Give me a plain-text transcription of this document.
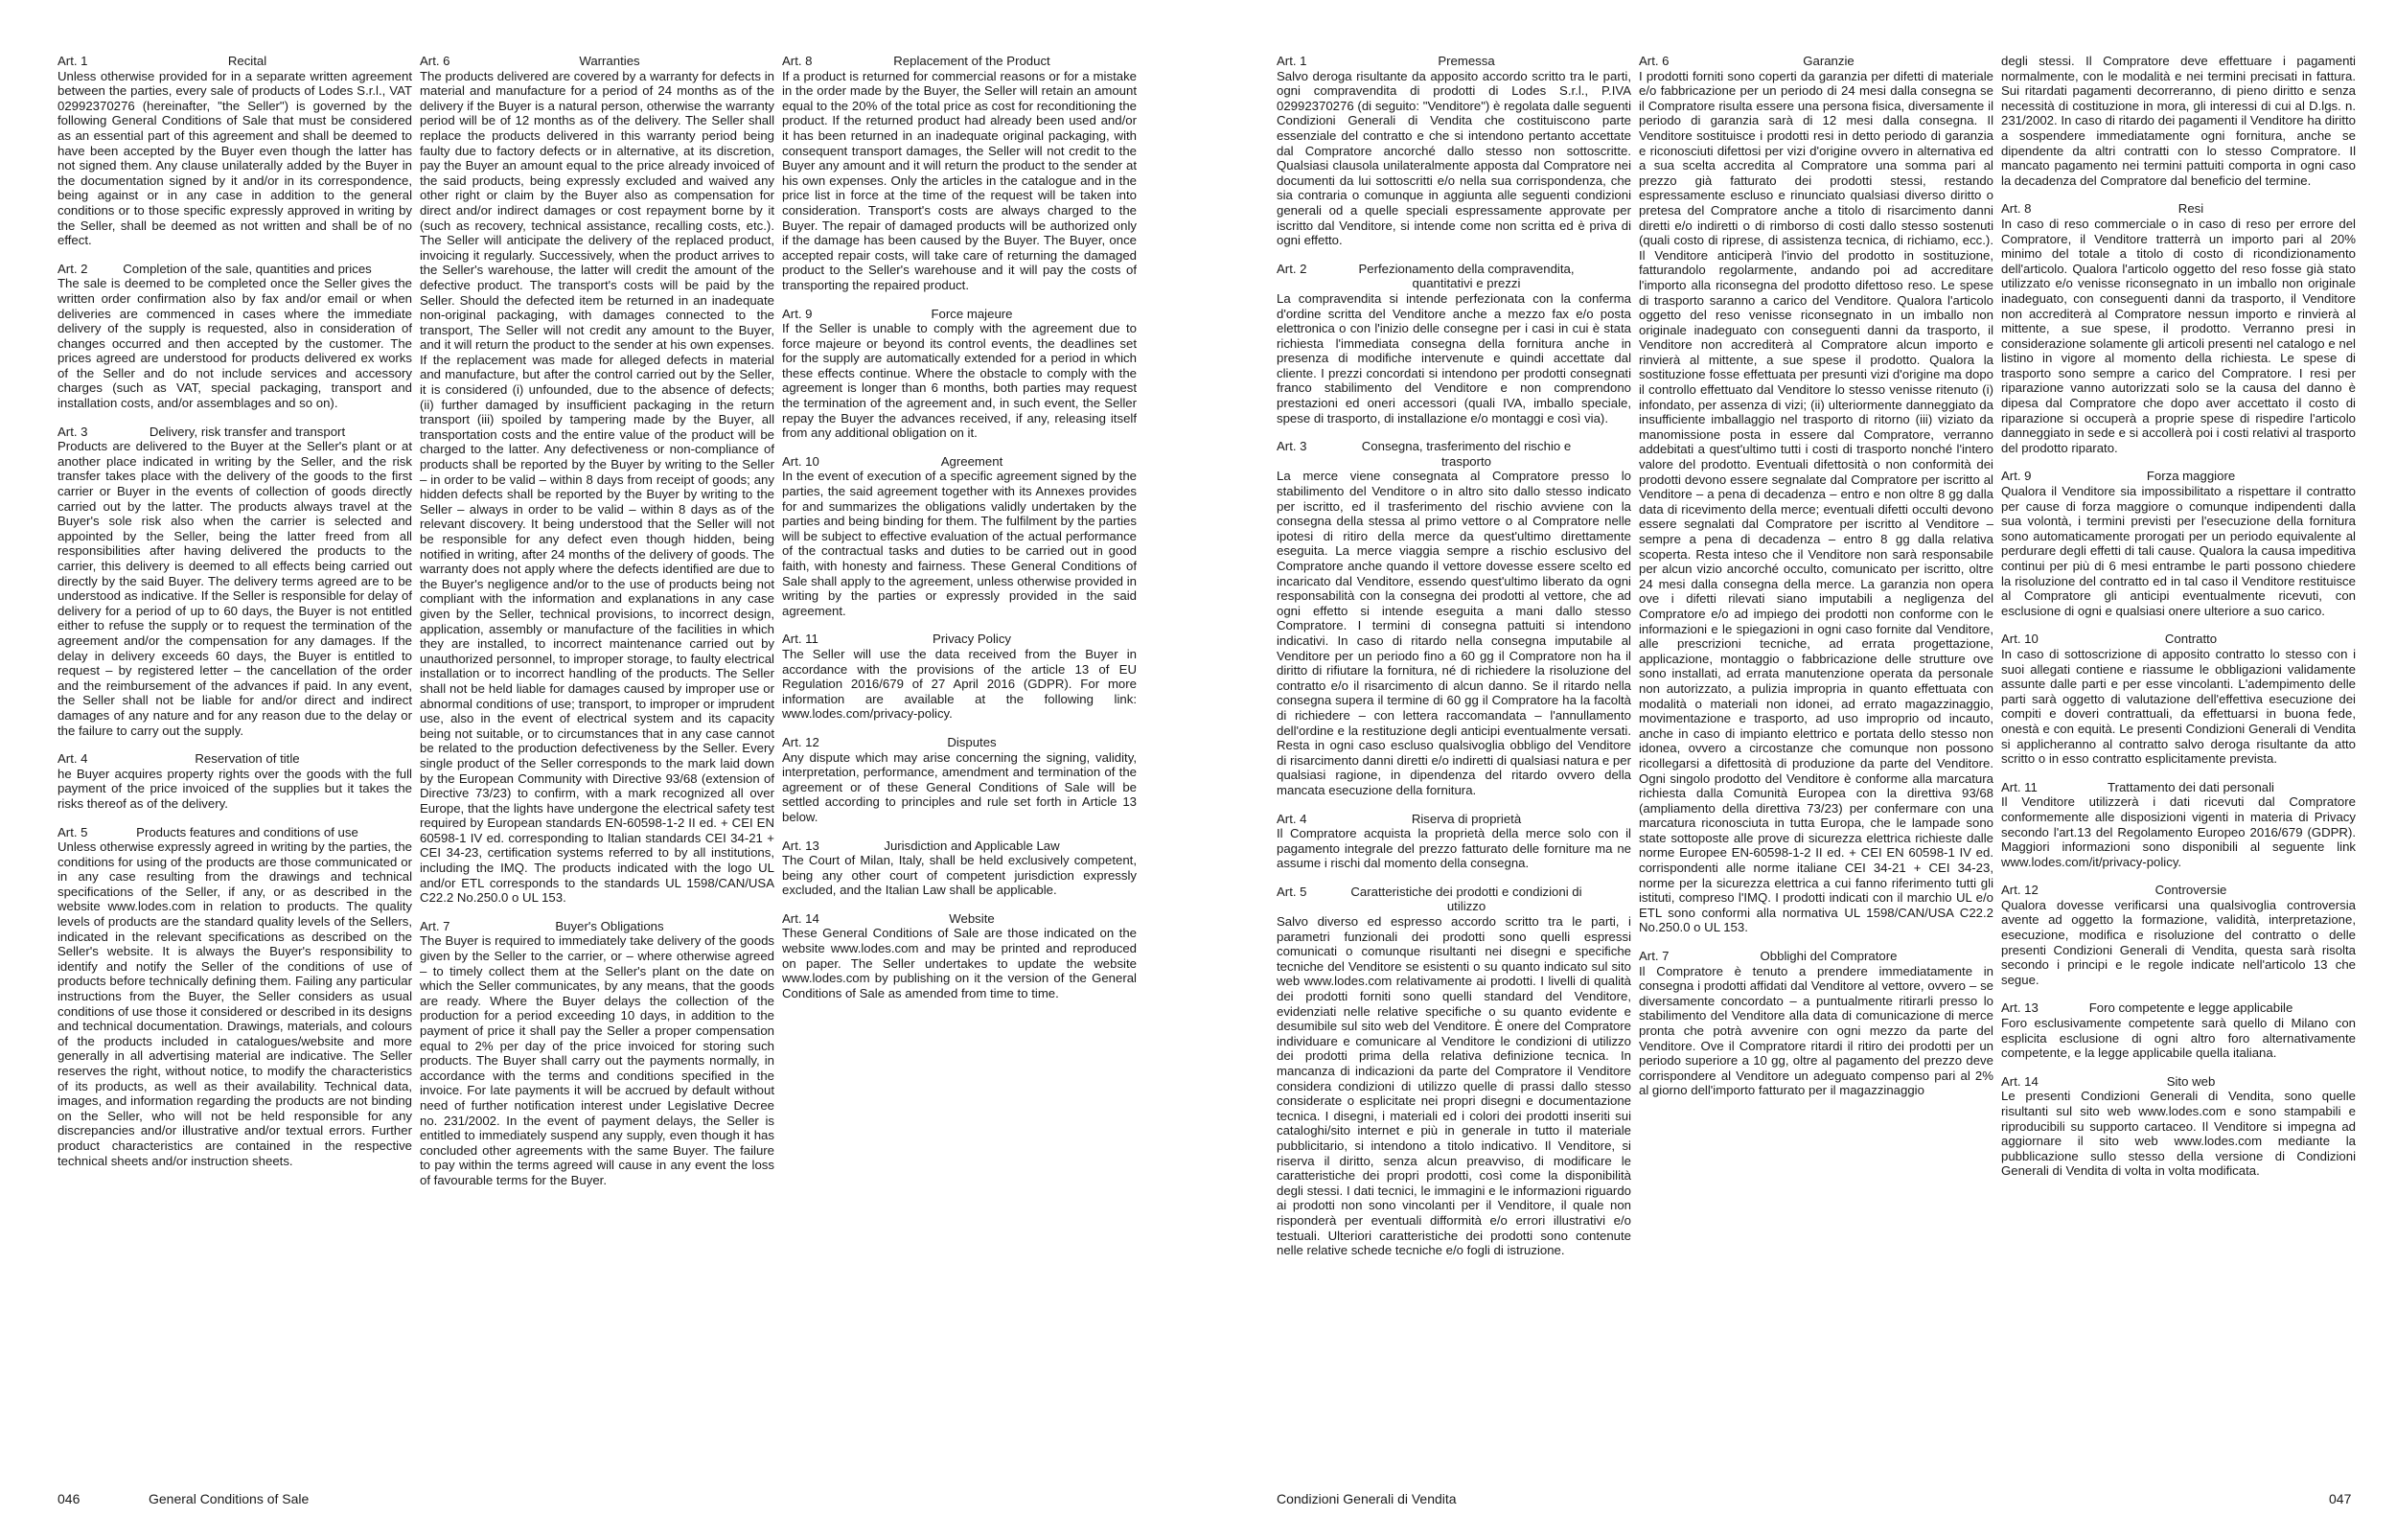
Art. 1	Recital

Unless otherwise provided for in a separate written agreement between the parties, every sale of products of Lodes S.r.l., VAT 02992370276 (hereinafter, "the Seller") is governed by the following General Conditions of Sale that must be considered as an essential part of this agreement and shall be deemed to have been accepted by the Buyer even though the latter has not signed them. Any clause unilaterally added by the Buyer in the documentation signed by it and/or in its correspondence, being against or in any case in addition to the general conditions or to those specific expressly approved in writing by the Seller, shall be deemed as not written and shall be of no effect.

Art. 2	Completion of the sale, quantities and prices

The sale is deemed to be completed once the Seller gives the written order confirmation also by fax and/or email or when deliveries are commenced in cases where the immediate delivery of the supply is requested, also in consideration of changes occurred and then accepted by the customer. The prices agreed are understood for products delivered ex works of the Seller and do not include services and accessory charges (such as VAT, special packaging, transport and installation costs, and/or assemblages and so on).

Art. 3	Delivery, risk transfer and transport

Products are delivered to the Buyer at the Seller's plant or at another place indicated in writing by the Seller, and the risk transfer takes place with the delivery of the goods to the first carrier or Buyer in the events of collection of goods directly carried out by the latter. The products always travel at the Buyer's sole risk also when the carrier is selected and appointed by the Seller, being the latter freed from all responsibilities after having delivered the products to the carrier, this delivery is deemed to all effects being carried out directly by the said Buyer. The delivery terms agreed are to be understood as indicative. If the Seller is responsible for delay of delivery for a period of up to 60 days, the Buyer is not entitled either to refuse the supply or to request the termination of the agreement and/or the compensation for any damages. If the delay in delivery exceeds 60 days, the Buyer is entitled to request – by registered letter – the cancellation of the order and the reimbursement of the advances if paid. In any event, the Seller shall not be liable for and/or direct and indirect damages of any nature and for any reason due to the delay or the failure to carry out the supply.

Art. 4	Reservation of title

he Buyer acquires property rights over the goods with the full payment of the price invoiced of the supplies but it takes the risks thereof as of the delivery.

Art. 5	Products features and conditions of use

Unless otherwise expressly agreed in writing by the parties, the conditions for using of the products are those communicated or in any case resulting from the drawings and technical specifications of the Seller, if any, or as described in the website www.lodes.com in relation to products. The quality levels of products are the standard quality levels of the Sellers, indicated in the relevant specifications as described on the Seller's website. It is always the Buyer's responsibility to identify and notify the Seller of the conditions of use of products before technically defining them. Failing any particular instructions from the Buyer, the Seller considers as usual conditions of use those it considered or described in its designs and technical documentation. Drawings, materials, and colours of the products included in catalogues/website and more generally in all advertising material are indicative. The Seller reserves the right, without notice, to modify the characteristics of its products, as well as their availability. Technical data, images, and information regarding the products are not binding on the Seller, who will not be held responsible for any discrepancies and/or illustrative and/or textual errors. Further product characteristics are contained in the respective technical sheets and/or instruction sheets.

Art. 6	Warranties

The products delivered are covered by a warranty for defects in material and manufacture for a period of 24 months as of the delivery if the Buyer is a natural person, otherwise the warranty period will be of 12 months as of the delivery. The Seller shall replace the products delivered in this warranty period being faulty due to factory defects or in alternative, at its discretion, pay the Buyer an amount equal to the price already invoiced of the said products, being expressly excluded and waived any other right or claim by the Buyer also as compensation for direct and/or indirect damages or cost repayment borne by it (such as recovery, technical assistance, recalling costs, etc.). The Seller will anticipate the delivery of the replaced product, invoicing it regularly. Successively, when the product arrives to the Seller's warehouse, the latter will credit the amount of the defective product. The transport's costs will be paid by the Seller. Should the defected item be returned in an inadequate non-original packaging, with damages connected to the transport, The Seller will not credit any amount to the Buyer, and it will return the product to the sender at his own expenses. If the replacement was made for alleged defects in material and manufacture, but after the control carried out by the Seller, it is considered (i) unfounded, due to the absence of defects; (ii) further damaged by insufficient packaging in the return transport (iii) spoiled by tampering made by the Buyer, all transportation costs and the entire value of the product will be charged to the latter. Any defectiveness or non-compliance of products shall be reported by the Buyer by writing to the Seller – in order to be valid – within 8 days from receipt of goods; any hidden defects shall be reported by the Buyer by writing to the Seller – always in order to be valid – within 8 days as of the relevant discovery. It being understood that the Seller will not be responsible for any defect even though hidden, being notified in writing, after 24 months of the delivery of goods. The warranty does not apply where the defects identified are due to the Buyer's negligence and/or to the use of products being not compliant with the information and explanations in any case given by the Seller, technical provisions, to incorrect design, application, assembly or manufacture of the facilities in which they are installed, to incorrect maintenance carried out by unauthorized personnel, to improper storage, to faulty electrical installation or to incorrect handling of the products. The Seller shall not be held liable for damages caused by improper use or abnormal conditions of use; transport, to improper or imprudent use, also in the event of electrical system and its capacity being not suitable, or to circumstances that in any case cannot be related to the production defectiveness by the Seller. Every single product of the Seller corresponds to the mark laid down by the European Community with Directive 93/68 (extension of Directive 73/23) to confirm, with a mark recognized all over Europe, that the lights have undergone the electrical safety test required by European standards EN-60598-1-2 II ed. + CEI EN 60598-1 IV ed. corresponding to Italian standards CEI 34-21 + CEI 34-23, certification systems referred to by all institutions, including the IMQ. The products indicated with the logo UL and/or ETL corresponds to the standards UL 1598/CAN/USA C22.2 No.250.0 o UL 153.

Art. 7	Buyer's Obligations

The Buyer is required to immediately take delivery of the goods given by the Seller to the carrier, or – where otherwise agreed – to timely collect them at the Seller's plant on the date on which the Seller communicates, by any means, that the goods are ready. Where the Buyer delays the collection of the production for a period exceeding 10 days, in addition to the payment of price it shall pay the Seller a proper compensation equal to 2% per day of the price invoiced for storing such products. The Buyer shall carry out the payments normally, in accordance with the terms and conditions specified in the invoice. For late payments it will be accrued by default without need of further notification interest under Legislative Decree no. 231/2002. In the event of payment delays, the Seller is entitled to immediately suspend any supply, even though it has concluded other agreements with the same Buyer. The failure to pay within the terms agreed will cause in any event the loss of favourable terms for the Buyer.

Art. 8	Replacement of the Product

If a product is returned for commercial reasons or for a mistake in the order made by the Buyer, the Seller will retain an amount equal to the 20% of the total price as cost for reconditioning the product. If the returned product had already been used and/or it has been returned in an inadequate original packaging, with consequent transport damages, the Seller will not credit to the Buyer any amount and it will return the product to the sender at his own expenses. Only the articles in the catalogue and in the price list in force at the time of the request will be taken into consideration. Transport's costs are always charged to the Buyer. The repair of damaged products will be authorized only if the damage has been caused by the Buyer. The Buyer, once accepted repair costs, will take care of returning the damaged product to the Seller's warehouse and it will pay the costs of transporting the repaired product.

Art. 9	Force majeure

If the Seller is unable to comply with the agreement due to force majeure or beyond its control events, the deadlines set for the supply are automatically extended for a period in which these effects continue. Where the obstacle to comply with the agreement is longer than 6 months, both parties may request the termination of the agreement and, in such event, the Seller repay the Buyer the advances received, if any, releasing itself from any additional obligation on it.

Art. 10	Agreement

In the event of execution of a specific agreement signed by the parties, the said agreement together with its Annexes provides for and summarizes the obligations validly undertaken by the parties and being binding for them. The fulfilment by the parties will be subject to effective evaluation of the actual performance of the contractual tasks and duties to be carried out in good faith, with honesty and fairness. These General Conditions of Sale shall apply to the agreement, unless otherwise provided in writing by the parties or expressly provided in the said agreement.

Art. 11	Privacy Policy

The Seller will use the data received from the Buyer in accordance with the provisions of the article 13 of EU Regulation 2016/679 of 27 April 2016 (GDPR). For more information are available at the following link: www.lodes.com/privacy-policy.

Art. 12	Disputes

Any dispute which may arise concerning the signing, validity, interpretation, performance, amendment and termination of the agreement or of these General Conditions of Sale will be settled according to principles and rule set forth in Article 13 below.

Art. 13	Jurisdiction and Applicable Law

The Court of Milan, Italy, shall be held exclusively competent, being any other court of competent jurisdiction expressly excluded, and the Italian Law shall be applicable.

Art. 14	Website

These General Conditions of Sale are those indicated on the website www.lodes.com and may be printed and reproduced on paper. The Seller undertakes to update the website www.lodes.com by publishing on it the version of the General Conditions of Sale as amended from time to time.

046	General Conditions of Sale
Art. 1	Premessa

Salvo deroga risultante da apposito accordo scritto tra le parti, ogni compravendita di prodotti di Lodes S.r.l., P.IVA 02992370276 (di seguito: "Venditore") è regolata dalle seguenti Condizioni Generali di Vendita che costituiscono parte essenziale del contratto e che si intendono pertanto accettate dal Compratore ancorché dallo stesso non sottoscritte. Qualsiasi clausola unilateralmente apposta dal Compratore nei documenti da lui sottoscritti e/o nella sua corrispondenza, che sia contraria o comunque in aggiunta alle seguenti condizioni generali od a quelle speciali espressamente approvate per iscritto dal Venditore, si intende come non scritta ed è priva di ogni effetto.

Art. 2	Perfezionamento della compravendita, quantitativi e prezzi

La compravendita si intende perfezionata con la conferma d'ordine scritta del Venditore anche a mezzo fax e/o posta elettronica o con l'inizio delle consegne per i casi in cui è stata richiesta l'immediata consegna della fornitura anche in presenza di modifiche intervenute e quindi accettate dal cliente. I prezzi concordati si intendono per prodotti consegnati franco stabilimento del Venditore e non comprendono prestazioni ed oneri accessori (quali IVA, imballo speciale, spese di trasporto, di installazione e/o montaggi e così via).

Art. 3	Consegna, trasferimento del rischio e trasporto

La merce viene consegnata al Compratore presso lo stabilimento del Venditore o in altro sito dallo stesso indicato per iscritto, ed il trasferimento del rischio avviene con la consegna della stessa al primo vettore o al Compratore nelle ipotesi di ritiro della merce da quest'ultimo direttamente eseguita. La merce viaggia sempre a rischio esclusivo del Compratore anche quando il vettore dovesse essere scelto ed incaricato dal Venditore, essendo quest'ultimo liberato da ogni responsabilità con la consegna dei prodotti al vettore, che ad ogni effetto si intende eseguita a mani dallo stesso Compratore. I termini di consegna pattuiti si intendono indicativi. In caso di ritardo nella consegna imputabile al Venditore per un periodo fino a 60 gg il Compratore non ha il diritto di rifiutare la fornitura, né di richiedere la risoluzione del contratto e/o il risarcimento di alcun danno. Se il ritardo nella consegna supera il termine di 60 gg il Compratore ha la facoltà di richiedere – con lettera raccomandata – l'annullamento dell'ordine e la restituzione degli anticipi eventualmente versati. Resta in ogni caso escluso qualsivoglia obbligo del Venditore di risarcimento danni diretti e/o indiretti di qualsiasi natura e per qualsiasi ragione, in dipendenza del ritardo ovvero della mancata esecuzione della fornitura.

Art. 4	Riserva di proprietà

Il Compratore acquista la proprietà della merce solo con il pagamento integrale del prezzo fatturato delle forniture ma ne assume i rischi dal momento della consegna.

Art. 5	Caratteristiche dei prodotti e condizioni di utilizzo

Salvo diverso ed espresso accordo scritto tra le parti, i parametri funzionali dei prodotti sono quelli espressi comunicati o comunque risultanti nei disegni e specifiche tecniche del Venditore se esistenti o su quanto indicato sul sito web www.lodes.com relativamente ai prodotti. I livelli di qualità dei prodotti forniti sono quelli standard del Venditore, evidenziati nelle relative specifiche o su quanto evidente e desumibile sul sito web del Venditore. È onere del Compratore individuare e comunicare al Venditore le condizioni di utilizzo dei prodotti prima della relativa definizione tecnica. In mancanza di indicazioni da parte del Compratore il Venditore considera condizioni di utilizzo quelle di prassi dallo stesso considerate o esplicitate nei propri disegni e documentazione tecnica. I disegni, i materiali ed i colori dei prodotti inseriti sui cataloghi/sito internet e più in generale in tutto il materiale pubblicitario, si intendono a titolo indicativo. Il Venditore, si riserva il diritto, senza alcun preavviso, di modificare le caratteristiche dei propri prodotti, così come la disponibilità degli stessi. I dati tecnici, le immagini e le informazioni riguardo ai prodotti non sono vincolanti per il Venditore, il quale non risponderà per eventuali difformità e/o errori illustrativi e/o testuali. Ulteriori caratteristiche dei prodotti sono contenute nelle relative schede tecniche e/o fogli di istruzione.

Art. 6	Garanzie

I prodotti forniti sono coperti da garanzia per difetti di materiale e/o fabbricazione per un periodo di 24 mesi dalla consegna se il Compratore risulta essere una persona fisica, diversamente il periodo di garanzia sarà di 12 mesi dalla consegna. Il Venditore sostituisce i prodotti resi in detto periodo di garanzia e riconosciuti difettosi per vizi d'origine ovvero in alternativa ed a sua scelta accredita al Compratore una somma pari al prezzo già fatturato dei prodotti stessi, restando espressamente escluso e rinunciato qualsiasi diverso diritto o pretesa del Compratore anche a titolo di risarcimento danni diretti e/o indiretti o di rimborso di costi dallo stesso sostenuti (quali costo di riprese, di assistenza tecnica, di richiamo, ecc.). Il Venditore anticiperà l'invio del prodotto in sostituzione, fatturandolo regolarmente, andando poi ad accreditare l'importo alla riconsegna del prodotto difettoso reso. Le spese di trasporto saranno a carico del Venditore. Qualora l'articolo oggetto del reso venisse riconsegnato in un imballo non originale inadeguato con conseguenti danni da trasporto, il Venditore non accrediterà al Compratore alcun importo e rinvierà al mittente, a sue spese il prodotto. Qualora la sostituzione fosse effettuata per presunti vizi d'origine ma dopo il controllo effettuato dal Venditore lo stesso venisse ritenuto (i) infondato, per assenza di vizi; (ii) ulteriormente danneggiato da insufficiente imballaggio nel trasporto di ritorno (iii) viziato da manomissione posta in essere dal Compratore, verranno addebitati a quest'ultimo tutti i costi di trasporto nonché l'intero valore del prodotto. Eventuali difettosità o non conformità dei prodotti devono essere segnalate dal Compratore per iscritto al Venditore – a pena di decadenza – entro e non oltre 8 gg dalla data di ricevimento della merce; eventuali difetti occulti devono essere segnalati dal Compratore per iscritto al Venditore – sempre a pena di decadenza – entro 8 gg dalla relativa scoperta. Resta inteso che il Venditore non sarà responsabile per alcun vizio ancorché occulto, comunicato per iscritto, oltre 24 mesi dalla consegna della merce. La garanzia non opera ove i difetti rilevati siano imputabili a negligenza del Compratore e/o ad impiego dei prodotti non conforme con le informazioni e le spiegazioni in ogni caso fornite dal Venditore, alle prescrizioni tecniche, ad errata progettazione, applicazione, montaggio o fabbricazione delle strutture ove sono installati, ad errata manutenzione operata da personale non autorizzato, a pulizia impropria in quanto effettuata con modalità o materiali non idonei, ad errato magazzinaggio, movimentazione e trasporto, ad uso improprio od incauto, anche in caso di impianto elettrico e portata dello stesso non idonea, ovvero a circostanze che comunque non possono ricollegarsi a difettosità di produzione da parte del Venditore. Ogni singolo prodotto del Venditore è conforme alla marcatura richiesta dalla Comunità Europea con la direttiva 93/68 (ampliamento della direttiva 73/23) per confermare con una marcatura riconosciuta in tutta Europa, che le lampade sono state sottoposte alle prove di sicurezza elettrica richieste dalle norme Europee EN-60598-1-2 II ed. + CEI EN 60598-1 IV ed. corrispondenti alle norme italiane CEI 34-21 + CEI 34-23, norme per la sicurezza elettrica a cui fanno riferimento tutti gli istituti, compreso l'IMQ. I prodotti indicati con il marchio UL e/o ETL sono conformi alla normativa UL 1598/CAN/USA C22.2 No.250.0 o UL 153.

Art. 7	Obblighi del Compratore

Il Compratore è tenuto a prendere immediatamente in consegna i prodotti affidati dal Venditore al vettore, ovvero – se diversamente concordato – a puntualmente ritirarli presso lo stabilimento del Venditore alla data di comunicazione di merce pronta che potrà avvenire con ogni mezzo da parte del Venditore. Ove il Compratore ritardi il ritiro dei prodotti per un periodo superiore a 10 gg, oltre al pagamento del prezzo deve corrispondere al Venditore un adeguato compenso pari al 2% al giorno dell'importo fatturato per il magazzinaggio

degli stessi. Il Compratore deve effettuare i pagamenti normalmente, con le modalità e nei termini precisati in fattura. Sui ritardati pagamenti decorreranno, di pieno diritto e senza necessità di costituzione in mora, gli interessi di cui al D.lgs. n. 231/2002. In caso di ritardo dei pagamenti il Venditore ha diritto a sospendere immediatamente ogni fornitura, anche se dipendente da altri contratti con lo stesso Compratore. Il mancato pagamento nei termini pattuiti comporta in ogni caso la decadenza del Compratore dal beneficio del termine.

Art. 8	Resi

In caso di reso commerciale o in caso di reso per errore del Compratore, il Venditore tratterrà un importo pari al 20% minimo del totale a titolo di costo di ricondizionamento dell'articolo. Qualora l'articolo oggetto del reso fosse già stato utilizzato e/o venisse riconsegnato in un imballo non originale inadeguato, con conseguenti danni da trasporto, il Venditore non accrediterà al Compratore nessun importo e rinvierà al mittente, a sue spese, il prodotto. Verranno presi in considerazione solamente gli articoli presenti nel catalogo e nel listino in vigore al momento della richiesta. Le spese di trasporto sono sempre a carico del Compratore. I resi per riparazione vanno autorizzati solo se la causa del danno è dipesa dal Compratore che dopo aver accettato il costo di riparazione si occuperà a proprie spese di rispedire l'articolo danneggiato in sede e si accollerà poi i costi relativi al trasporto del prodotto riparato.

Art. 9	Forza maggiore

Qualora il Venditore sia impossibilitato a rispettare il contratto per cause di forza maggiore o comunque indipendenti dalla sua volontà, i termini previsti per l'esecuzione della fornitura sono automaticamente prorogati per un periodo equivalente al perdurare degli effetti di tali cause. Qualora la causa impeditiva continui per più di 6 mesi entrambe le parti possono chiedere la risoluzione del contratto ed in tal caso il Venditore restituisce al Compratore gli anticipi eventualmente ricevuti, con esclusione di ogni e qualsiasi onere ulteriore a suo carico.

Art. 10	Contratto

In caso di sottoscrizione di apposito contratto lo stesso con i suoi allegati contiene e riassume le obbligazioni validamente assunte dalle parti e per esse vincolanti. L'adempimento delle parti sarà oggetto di valutazione dell'effettiva esecuzione dei compiti e doveri contrattuali, da effettuarsi in buona fede, onestà e con equità. Le presenti Condizioni Generali di Vendita si applicheranno al contratto salvo deroga risultante da atto scritto o in esso contratto esplicitamente prevista.

Art. 11	Trattamento dei dati personali

Il Venditore utilizzerà i dati ricevuti dal Compratore conformemente alle disposizioni vigenti in materia di Privacy secondo l'art.13 del Regolamento Europeo 2016/679 (GDPR). Maggiori informazioni sono disponibili al seguente link www.lodes.com/it/privacy-policy.

Art. 12	Controversie

Qualora dovesse verificarsi una qualsivoglia controversia avente ad oggetto la formazione, validità, interpretazione, esecuzione, modifica e risoluzione del contratto o delle presenti Condizioni Generali di Vendita, questa sarà risolta secondo i principi e le regole indicate nell'articolo 13 che segue.

Art. 13	Foro competente e legge applicabile

Foro esclusivamente competente sarà quello di Milano con esplicita esclusione di ogni altro foro alternativamente competente, e la legge applicabile quella italiana.

Art. 14	Sito web

Le presenti Condizioni Generali di Vendita, sono quelle risultanti sul sito web www.lodes.com e sono stampabili e riproducibili su supporto cartaceo. Il Venditore si impegna ad aggiornare il sito web www.lodes.com mediante la pubblicazione sullo stesso della versione di Condizioni Generali di Vendita di volta in volta modificata.

Condizioni Generali di Vendita	047
